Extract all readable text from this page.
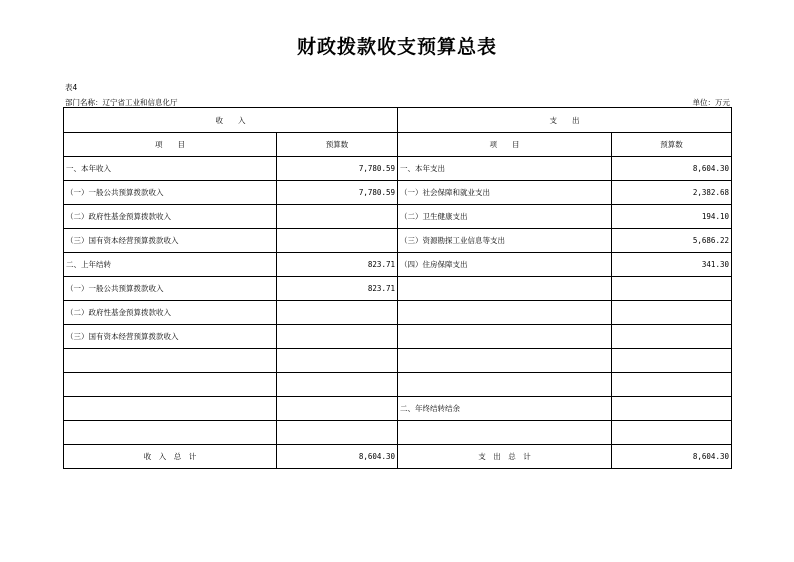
财政拨款收支预算总表
表4
部门名称：辽宁省工业和信息化厅	单位：万元
收　　入		支　　出	
项　　目	预算数	项　　目	预算数
一、本年收入	7,780.59	一、本年支出	8,604.30
（一）一般公共预算拨款收入	7,780.59	（一）社会保障和就业支出	2,382.68
（二）政府性基金预算拨款收入		（二）卫生健康支出	194.10
（三）国有资本经营预算拨款收入		（三）资源勘探工业信息等支出	5,686.22
二、上年结转	823.71	（四）住房保障支出	341.30
（一）一般公共预算拨款收入	823.71		
（二）政府性基金预算拨款收入			
（三）国有资本经营预算拨款收入			

		二、年终结转结余	

收　入　总　计	8,604.30	支　出　总　计	8,604.30
